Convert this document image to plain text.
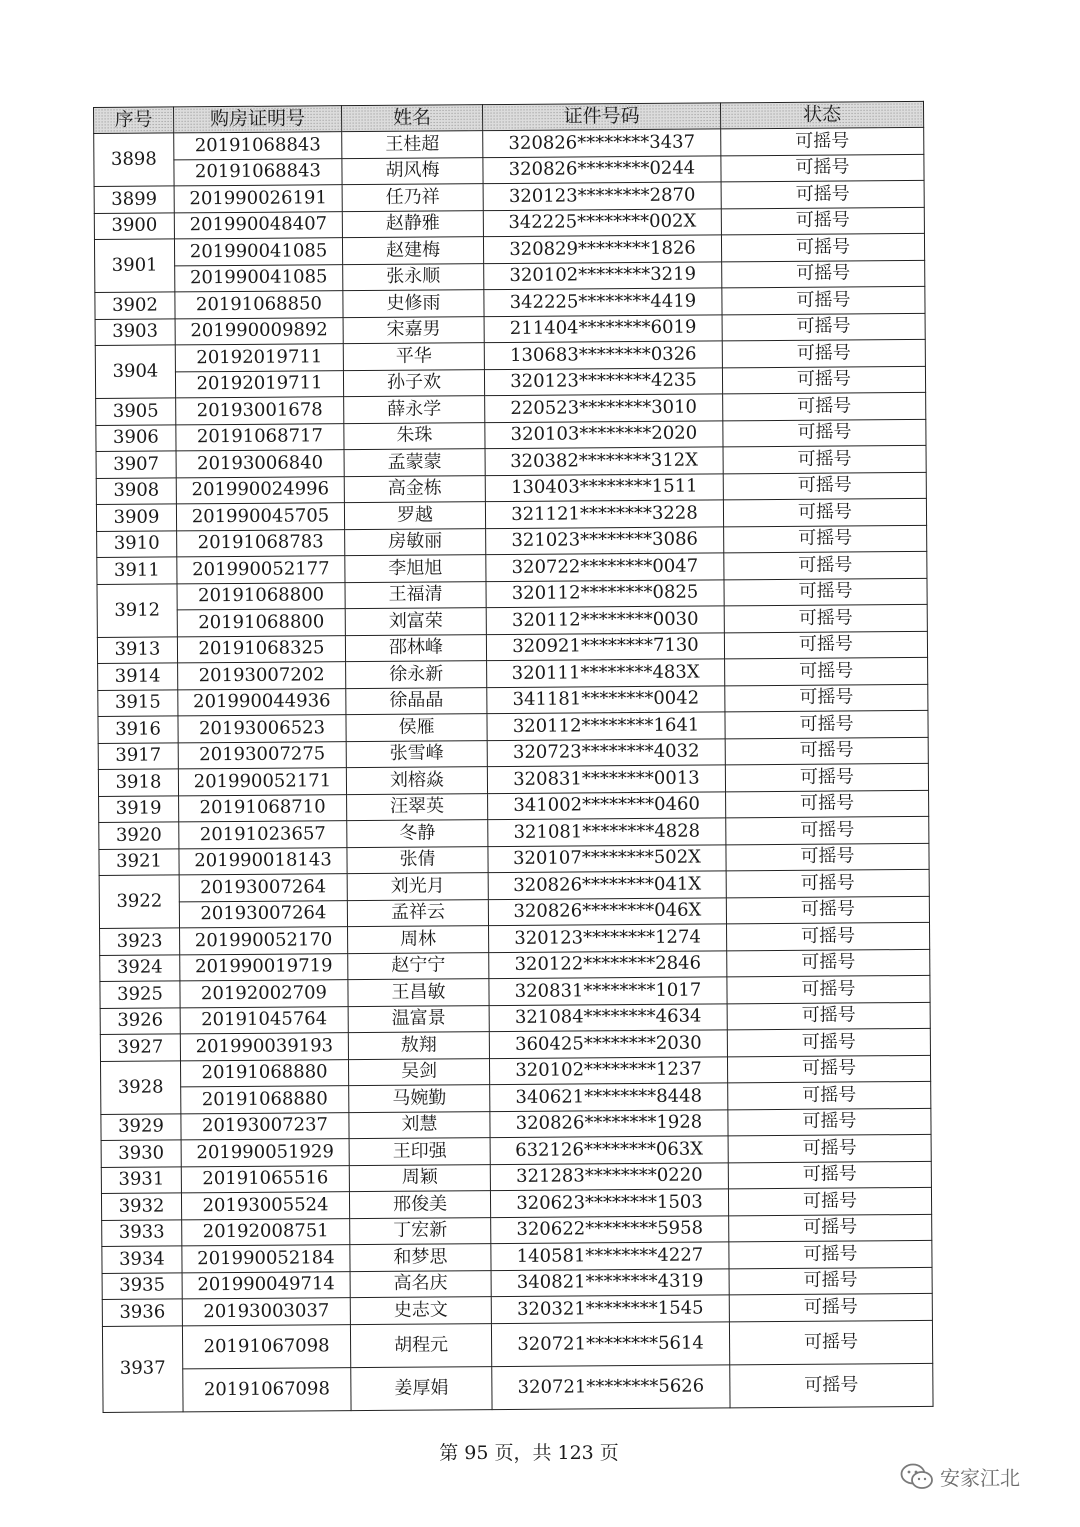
序号	购房证明号	姓名	证件号码	状态
3898	20191068843	王桂超	320826********3437	可摇号
	20191068843	胡风梅	320826********0244	可摇号
3899	201990026191	任乃祥	320123********2870	可摇号
3900	201990048407	赵静雅	342225********002X	可摇号
3901	201990041085	赵建梅	320829********1826	可摇号
	201990041085	张永顺	320102********3219	可摇号
3902	20191068850	史修雨	342225********4419	可摇号
3903	201990009892	宋嘉男	211404********6019	可摇号
3904	20192019711	平华	130683********0326	可摇号
	20192019711	孙子欢	320123********4235	可摇号
3905	20193001678	薛永学	220523********3010	可摇号
3906	20191068717	朱珠	320103********2020	可摇号
3907	20193006840	孟蒙蒙	320382********312X	可摇号
3908	201990024996	高金栋	130403********1511	可摇号
3909	201990045705	罗越	321121********3228	可摇号
3910	20191068783	房敏丽	321023********3086	可摇号
3911	201990052177	李旭旭	320722********0047	可摇号
3912	20191068800	王福清	320112********0825	可摇号
	20191068800	刘富荣	320112********0030	可摇号
3913	20191068325	邵林峰	320921********7130	可摇号
3914	20193007202	徐永新	320111********483X	可摇号
3915	201990044936	徐晶晶	341181********0042	可摇号
3916	20193006523	侯雁	320112********1641	可摇号
3917	20193007275	张雪峰	320723********4032	可摇号
3918	201990052171	刘榕焱	320831********0013	可摇号
3919	20191068710	汪翠英	341002********0460	可摇号
3920	20191023657	冬静	321081********4828	可摇号
3921	201990018143	张倩	320107********502X	可摇号
3922	20193007264	刘光月	320826********041X	可摇号
	20193007264	孟祥云	320826********046X	可摇号
3923	201990052170	周林	320123********1274	可摇号
3924	201990019719	赵宁宁	320122********2846	可摇号
3925	20192002709	王昌敏	320831********1017	可摇号
3926	20191045764	温富景	321084********4634	可摇号
3927	201990039193	敖翔	360425********2030	可摇号
3928	20191068880	吴剑	320102********1237	可摇号
	20191068880	马婉勤	340621********8448	可摇号
3929	20193007237	刘慧	320826********1928	可摇号
3930	201990051929	王印强	632126********063X	可摇号
3931	20191065516	周颖	321283********0220	可摇号
3932	20193005524	邢俊美	320623********1503	可摇号
3933	20192008751	丁宏新	320622********5958	可摇号
3934	201990052184	和梦思	140581********4227	可摇号
3935	201990049714	高名庆	340821********4319	可摇号
3936	20193003037	史志文	320321********1545	可摇号
3937	20191067098	胡程元	320721********5614	可摇号
	20191067098	姜厚娟	320721********5626	可摇号
第 95 页，共 123 页
安家江北
